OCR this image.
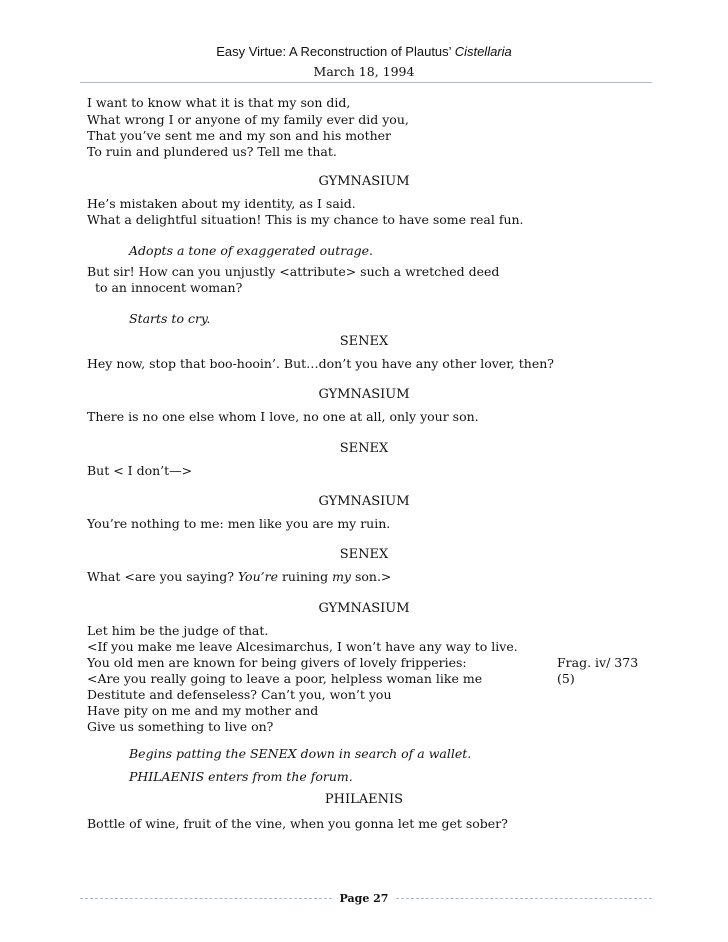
Easy Virtue: A Reconstruction of Plautus’ Cistellaria
March 18, 1994
I want to know what it is that my son did,
What wrong I or anyone of my family ever did you,
That you’ve sent me and my son and his mother
To ruin and plundered us? Tell me that.
GYMNASIUM
He’s mistaken about my identity, as I said.
What a delightful situation! This is my chance to have some real fun.
Adopts a tone of exaggerated outrage.
But sir! How can you unjustly <attribute> such a wretched deed
to an innocent woman?
Starts to cry.
SENEX
Hey now, stop that boo-hooin’. But…don’t you have any other lover, then?
GYMNASIUM
There is no one else whom I love, no one at all, only your son.
SENEX
But < I don’t—>
GYMNASIUM
You’re nothing to me: men like you are my ruin.
SENEX
What <are you saying? You’re ruining my son.>
GYMNASIUM
Let him be the judge of that.
<If you make me leave Alcesimarchus, I won’t have any way to live.
You old men are known for being givers of lovely fripperies:
<Are you really going to leave a poor, helpless woman like me
Destitute and defenseless? Can’t you, won’t you
Have pity on me and my mother and
Give us something to live on?
Frag. iv/ 373
(5)
Begins patting the SENEX down in search of a wallet.
PHILAENIS enters from the forum.
PHILAENIS
Bottle of wine, fruit of the vine, when you gonna let me get sober?
Page 27
